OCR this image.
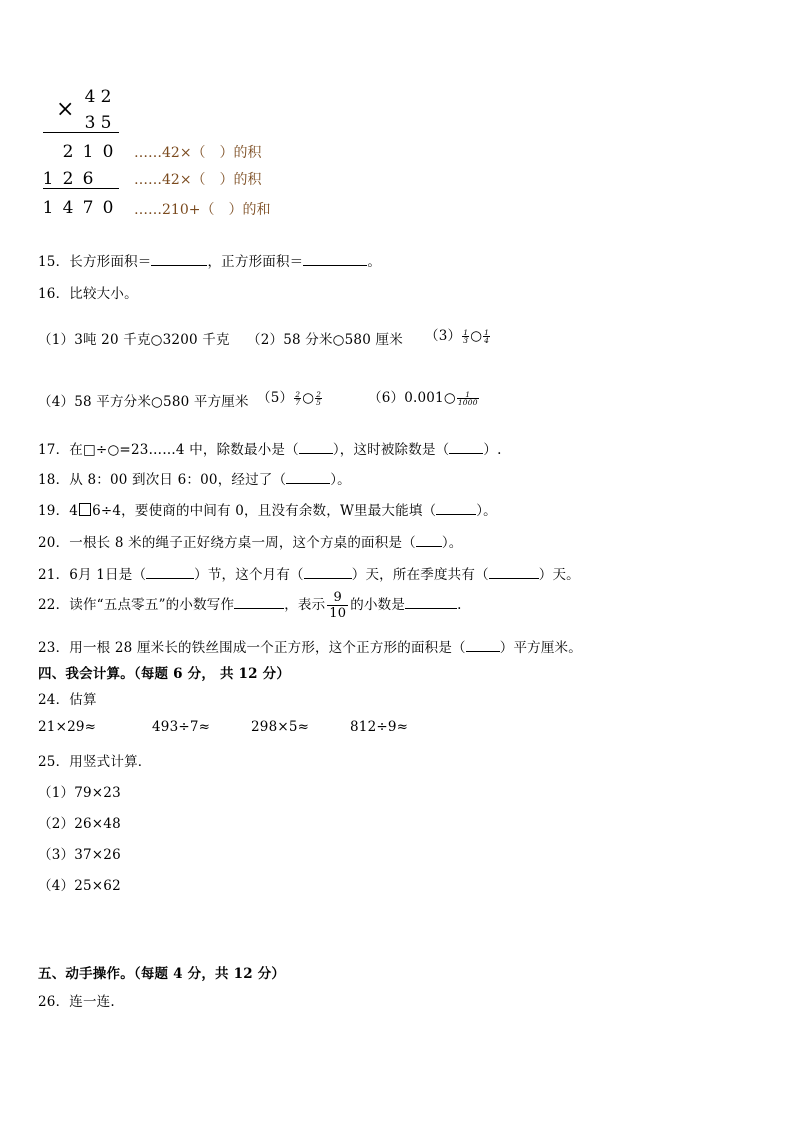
× 4 2
3 5
2 1 0	……42×（　）的积
1 2 6	……42×（　）的积
1 4 7 0	……210+（　）的和
15．长方形面积＝	，正方形面积＝	。
16．比较大小。
（1）3吨 20 千克○3200 千克 （2）58 分米○580 厘米 $(3) \frac{1}{3}$ ○ $\frac{1}{4}$
（4）58 平方分米○580 平方厘米 $(5) \frac{2}{7}$ ○ $\frac{2}{5}$	（6）0.001○ $\frac{1}{1000}$
17．在□÷○=23……4 中，除数最小是（	），这时被除数是（	）.
18．从 8：00 到次日 6：00，经过了（	）。
19．4 6÷4，要使商的中间有 0，且没有余数，W里最大能填（	）。
20．一根长 8 米的绳子正好绕方桌一周，这个方桌的面积是（ ）。
21．6月 1日是（	）节，这个月有（	）天，所在季度共有（	）天。
22．读作“五点零五”的小数写作	，表示 $\frac{9}{10}$ 的小数是	.
23．用一根 28 厘米长的铁丝围成一个正方形，这个正方形的面积是（	）平方厘米。
四、我会计算。（每题 6 分， 共 12 分）
24．估算
21×29≈	493÷7≈	298×5≈	812÷9≈
25．用竖式计算．
（1）79×23
（2）26×48
（3）37×26
（4）25×62
五、动手操作。（每题 4 分，共 12 分）
26．连一连.
